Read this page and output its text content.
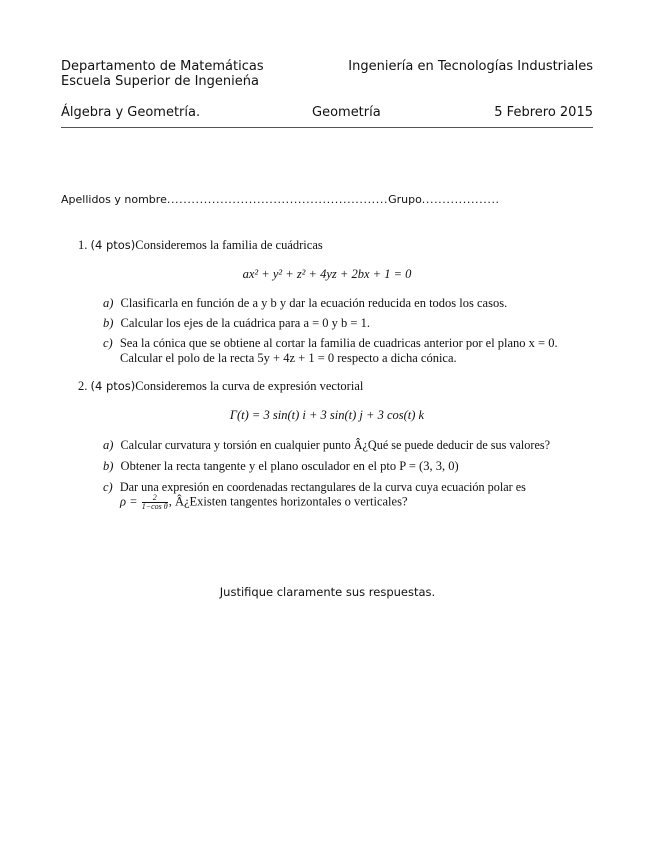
Departamento de Matemáticas
Escuela Superior de Ingenieńa
Ingeniería en Tecnologías Industriales
Álgebra y Geometría.	Geometría	5 Febrero 2015
Apellidos y nombre......................................................Grupo...................
1. (4 ptos)Consideremos la familia de cuádricas
ax² + y² + z² + 4yz + 2bx + 1 = 0
a) Clasificarla en función de a y b y dar la ecuación reducida en todos los casos.
b) Calcular los ejes de la cuádrica para a = 0 y b = 1.
c) Sea la cónica que se obtiene al cortar la familia de cuadricas anterior por el plano x = 0.
Calcular el polo de la recta 5y + 4z + 1 = 0 respecto a dicha cónica.
2. (4 ptos)Consideremos la curva de expresión vectorial
Γ(t) = 3 sin(t) i + 3 sin(t) j + 3 cos(t) k
a) Calcular curvatura y torsión en cualquier punto Â¿Qué se puede deducir de sus valores?
b) Obtener la recta tangente y el plano osculador en el pto P = (3, 3, 0)
c) Dar una expresión en coordenadas rectangulares de la curva cuya ecuación polar es
$\rho = \frac{2}{\text{1−cos θ}}$ , Â¿Existen tangentes horizontales o verticales?
Justifique claramente sus respuestas.
